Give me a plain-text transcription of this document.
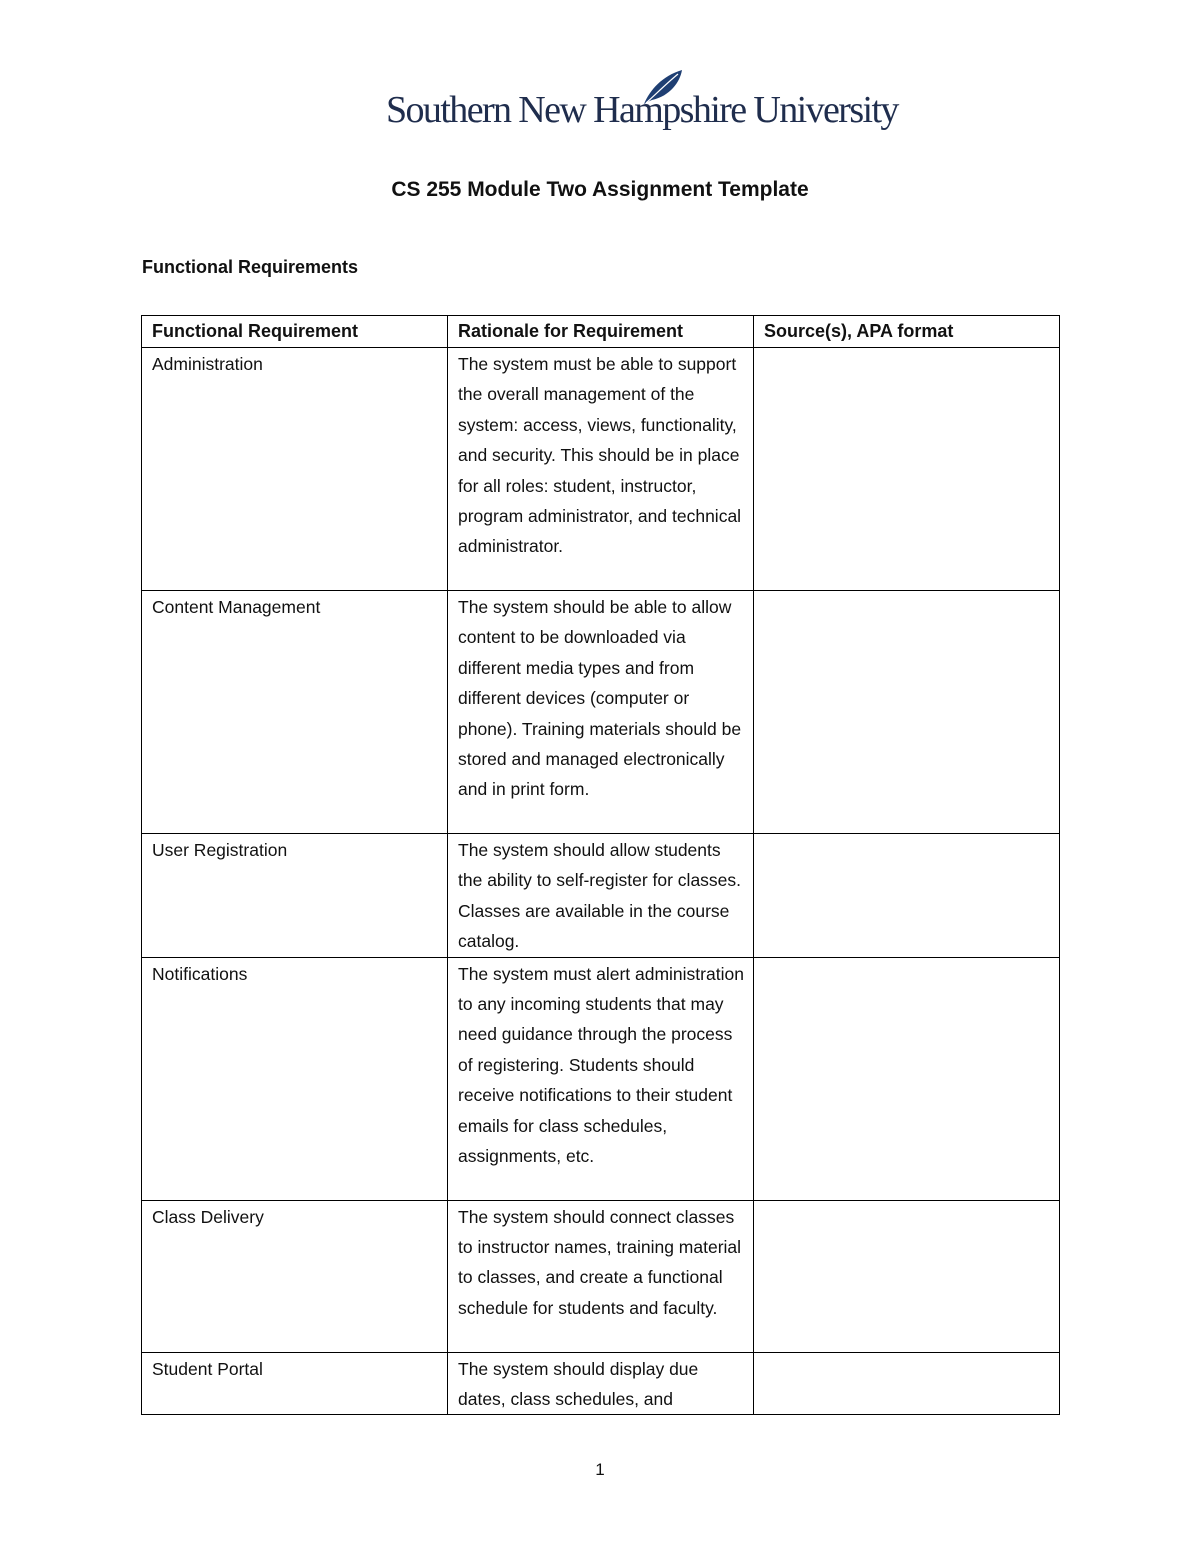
Southern New Hampshire University
CS 255 Module Two Assignment Template
Functional Requirements
Functional Requirement	Rationale for Requirement	Source(s), APA format
Administration	The system must be able to support the overall management of the system: access, views, functionality, and security. This should be in place for all roles: student, instructor, program administrator, and technical administrator.	
Content Management	The system should be able to allow content to be downloaded via different media types and from different devices (computer or phone). Training materials should be stored and managed electronically and in print form.	
User Registration	The system should allow students the ability to self-register for classes. Classes are available in the course catalog.	
Notifications	The system must alert administration to any incoming students that may need guidance through the process of registering. Students should receive notifications to their student emails for class schedules, assignments, etc.	
Class Delivery	The system should connect classes to instructor names, training material to classes, and create a functional schedule for students and faculty.	
Student Portal	The system should display due dates, class schedules, and	
1
